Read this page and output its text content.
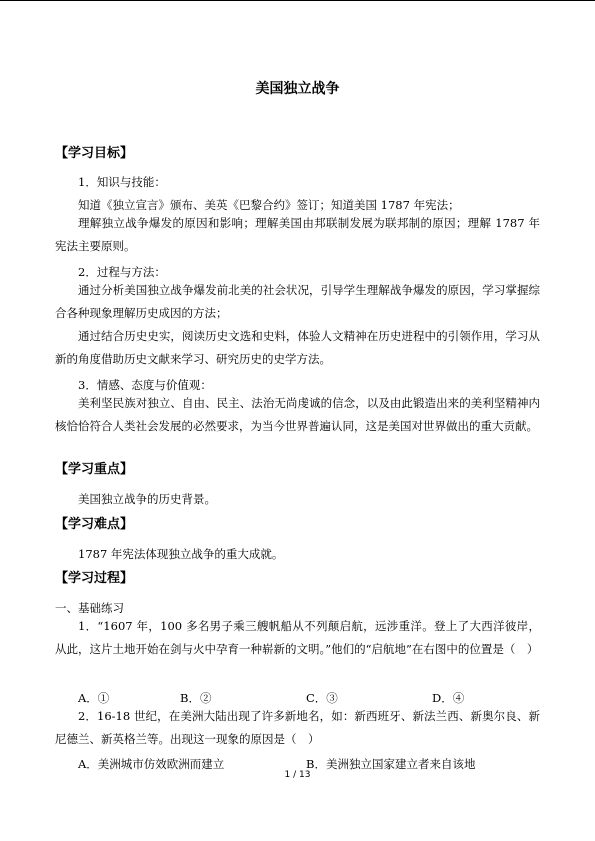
美国独立战争
【学习目标】
1．知识与技能：
知道《独立宣言》颁布、美英《巴黎合约》签订；知道美国 1787 年宪法；
理解独立战争爆发的原因和影响；理解美国由邦联制发展为联邦制的原因；理解 1787 年宪法主要原则。
2．过程与方法：
通过分析美国独立战争爆发前北美的社会状况，引导学生理解战争爆发的原因，学习掌握综合各种现象理解历史成因的方法；
通过结合历史史实，阅读历史文选和史料，体验人文精神在历史进程中的引领作用，学习从新的角度借助历史文献来学习、研究历史的史学方法。
3．情感、态度与价值观：
美利坚民族对独立、自由、民主、法治无尚虔诚的信念，以及由此锻造出来的美利坚精神内核恰恰符合人类社会发展的必然要求，为当今世界普遍认同，这是美国对世界做出的重大贡献。
【学习重点】
美国独立战争的历史背景。
【学习难点】
1787 年宪法体现独立战争的重大成就。
【学习过程】
一、基础练习
1．“1607 年，100 多名男子乘三艘帆船从不列颠启航，远涉重洋。登上了大西洋彼岸，从此，这片土地开始在剑与火中孕育一种崭新的文明。”他们的“启航地”在右图中的位置是（　）
A．①	B．②	C．③	D．④
2．16-18 世纪，在美洲大陆出现了许多新地名，如：新西班牙、新法兰西、新奥尔良、新尼德兰、新英格兰等。出现这一现象的原因是（　）
A．美洲城市仿效欧洲而建立	B．美洲独立国家建立者来自该地
1 / 13
